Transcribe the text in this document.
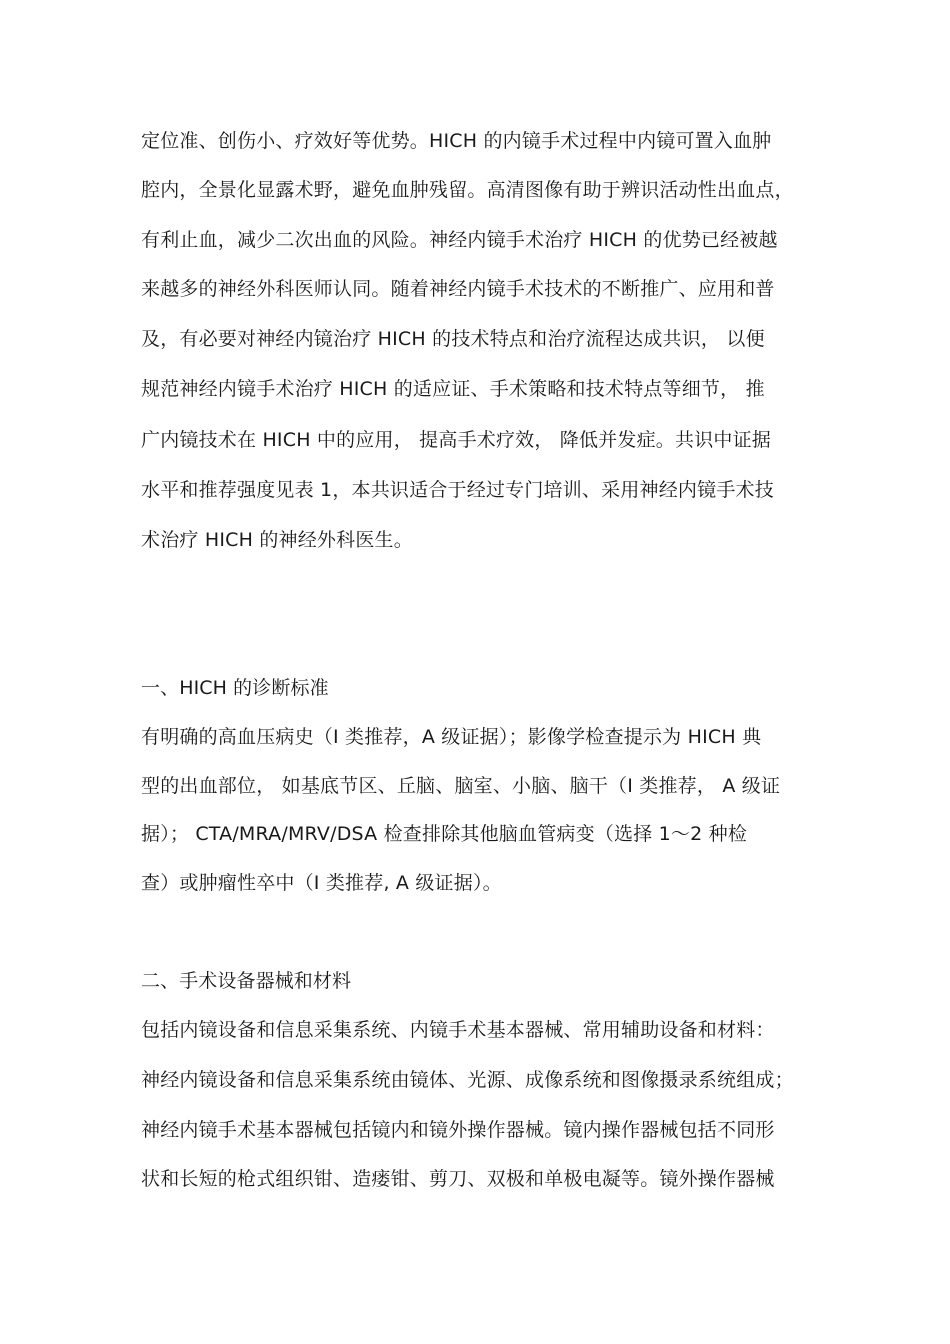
定位准、创伤小、疗效好等优势。HICH 的内镜手术过程中内镜可置入血肿
腔内，全景化显露术野，避免血肿残留。高清图像有助于辨识活动性出血点，
有利止血，减少二次出血的风险。神经内镜手术治疗 HICH 的优势已经被越
来越多的神经外科医师认同。随着神经内镜手术技术的不断推广、应用和普
及，有必要对神经内镜治疗 HICH 的技术特点和治疗流程达成共识， 以便
规范神经内镜手术治疗 HICH 的适应证、手术策略和技术特点等细节， 推
广内镜技术在 HICH 中的应用， 提高手术疗效， 降低并发症。共识中证据
水平和推荐强度见表 1，本共识适合于经过专门培训、采用神经内镜手术技
术治疗 HICH 的神经外科医生。
一、HICH 的诊断标准
有明确的高血压病史（I 类推荐，A 级证据）；影像学检查提示为 HICH 典
型的出血部位， 如基底节区、丘脑、脑室、小脑、脑干（I 类推荐， A 级证
据）； CTA/MRA/MRV/DSA 检查排除其他脑血管病变（选择 1～2 种检
查）或肿瘤性卒中（I 类推荐, A 级证据）。
二、手术设备器械和材料
包括内镜设备和信息采集系统、内镜手术基本器械、常用辅助设备和材料：
神经内镜设备和信息采集系统由镜体、光源、成像系统和图像摄录系统组成；
神经内镜手术基本器械包括镜内和镜外操作器械。镜内操作器械包括不同形
状和长短的枪式组织钳、造瘘钳、剪刀、双极和单极电凝等。镜外操作器械
